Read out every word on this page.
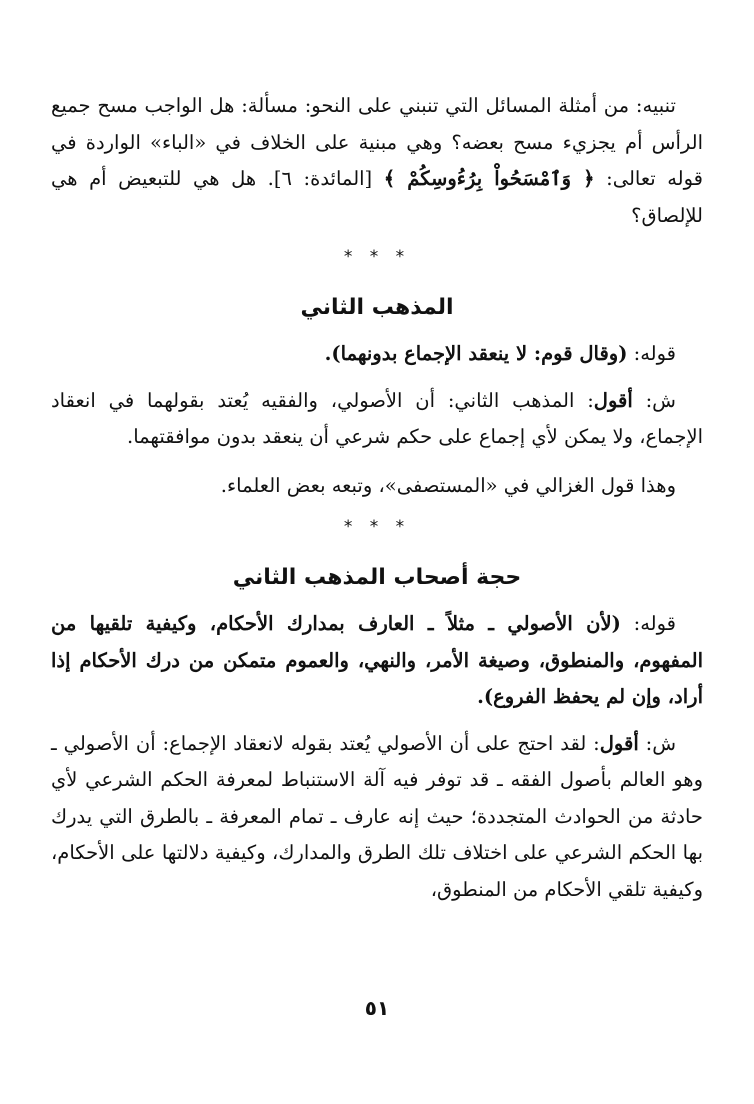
تنبيه: من أمثلة المسائل التي تنبني على النحو: مسألة: هل الواجب مسح جميع الرأس أم يجزيء مسح بعضه؟ وهي مبنية على الخلاف في «الباء» الواردة في قوله تعالى: ﴿ وَٱمْسَحُواْ بِرُءُوسِكُمْ ﴾ [المائدة: ٦]. هل هي للتبعيض أم هي للإلصاق؟

* * *
المذهب الثاني

قوله: (وقال قوم: لا ينعقد الإجماع بدونهما).

ش: أقول: المذهب الثاني: أن الأصولي، والفقيه يُعتد بقولهما في انعقاد الإجماع، ولا يمكن لأي إجماع على حكم شرعي أن ينعقد بدون موافقتهما.

وهذا قول الغزالي في «المستصفى»، وتبعه بعض العلماء.

* * *
حجة أصحاب المذهب الثاني

قوله: (لأن الأصولي ـ مثلاً ـ العارف بمدارك الأحكام، وكيفية تلقيها من المفهوم، والمنطوق، وصيغة الأمر، والنهي، والعموم متمكن من درك الأحكام إذا أراد، وإن لم يحفظ الفروع).

ش: أقول: لقد احتج على أن الأصولي يُعتد بقوله لانعقاد الإجماع: أن الأصولي ـ وهو العالم بأصول الفقه ـ قد توفر فيه آلة الاستنباط لمعرفة الحكم الشرعي لأي حادثة من الحوادث المتجددة؛ حيث إنه عارف ـ تمام المعرفة ـ بالطرق التي يدرك بها الحكم الشرعي على اختلاف تلك الطرق والمدارك، وكيفية دلالتها على الأحكام، وكيفية تلقي الأحكام من المنطوق،

٥١
